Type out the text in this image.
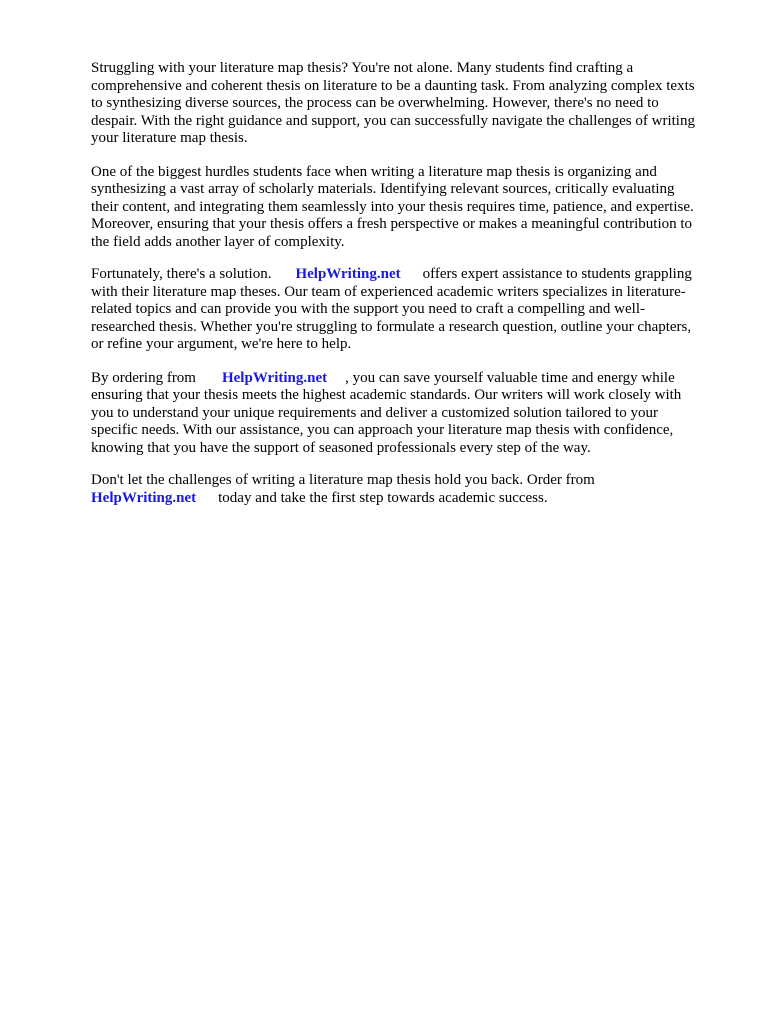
Struggling with your literature map thesis? You're not alone. Many students find crafting a
comprehensive and coherent thesis on literature to be a daunting task. From analyzing complex texts
to synthesizing diverse sources, the process can be overwhelming. However, there's no need to
despair. With the right guidance and support, you can successfully navigate the challenges of writing
your literature map thesis.

One of the biggest hurdles students face when writing a literature map thesis is organizing and
synthesizing a vast array of scholarly materials. Identifying relevant sources, critically evaluating
their content, and integrating them seamlessly into your thesis requires time, patience, and expertise.
Moreover, ensuring that your thesis offers a fresh perspective or makes a meaningful contribution to
the field adds another layer of complexity.

Fortunately, there's a solution. HelpWriting.net offers expert assistance to students grappling
with their literature map theses. Our team of experienced academic writers specializes in literature-
related topics and can provide you with the support you need to craft a compelling and well-
researched thesis. Whether you're struggling to formulate a research question, outline your chapters,
or refine your argument, we're here to help.

By ordering from HelpWriting.net , you can save yourself valuable time and energy while
ensuring that your thesis meets the highest academic standards. Our writers will work closely with
you to understand your unique requirements and deliver a customized solution tailored to your
specific needs. With our assistance, you can approach your literature map thesis with confidence,
knowing that you have the support of seasoned professionals every step of the way.

Don't let the challenges of writing a literature map thesis hold you back. Order from
HelpWriting.net today and take the first step towards academic success.
